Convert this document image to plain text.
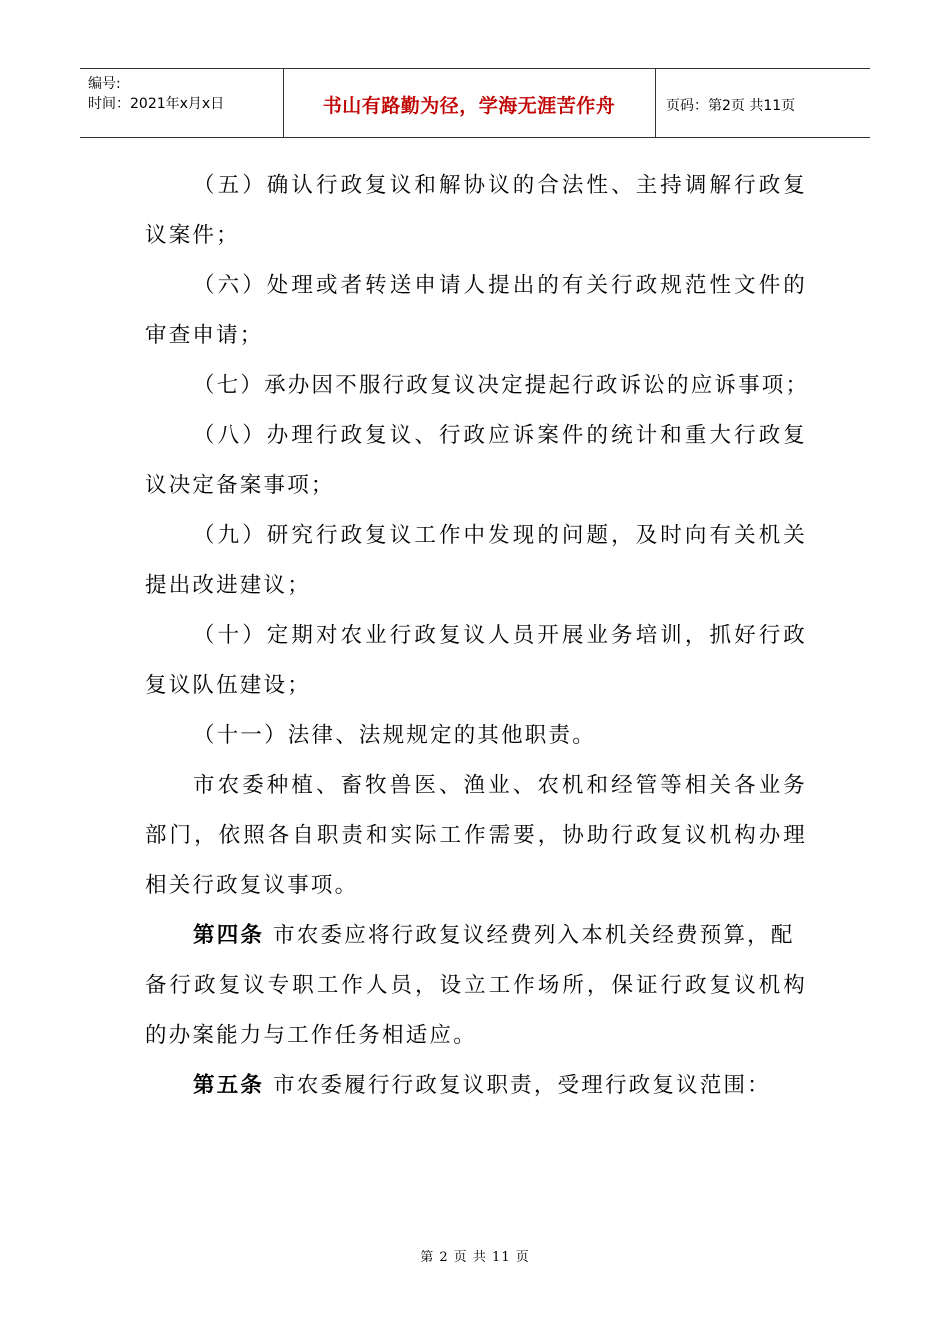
编号:
时间：2021年x月x日	书山有路勤为径，学海无涯苦作舟	页码：第2页 共11页
（五）确认行政复议和解协议的合法性、主持调解行政复
议案件；
（六）处理或者转送申请人提出的有关行政规范性文件的
审查申请；
（七）承办因不服行政复议决定提起行政诉讼的应诉事项；
（八）办理行政复议、行政应诉案件的统计和重大行政复
议决定备案事项；
（九）研究行政复议工作中发现的问题，及时向有关机关
提出改进建议；
（十）定期对农业行政复议人员开展业务培训，抓好行政
复议队伍建设；
（十一）法律、法规规定的其他职责。
市农委种植、畜牧兽医、渔业、农机和经管等相关各业务
部门，依照各自职责和实际工作需要，协助行政复议机构办理
相关行政复议事项。
第四条 市农委应将行政复议经费列入本机关经费预算，配
备行政复议专职工作人员，设立工作场所，保证行政复议机构
的办案能力与工作任务相适应。
第五条 市农委履行行政复议职责，受理行政复议范围：
第 2 页 共 11 页
